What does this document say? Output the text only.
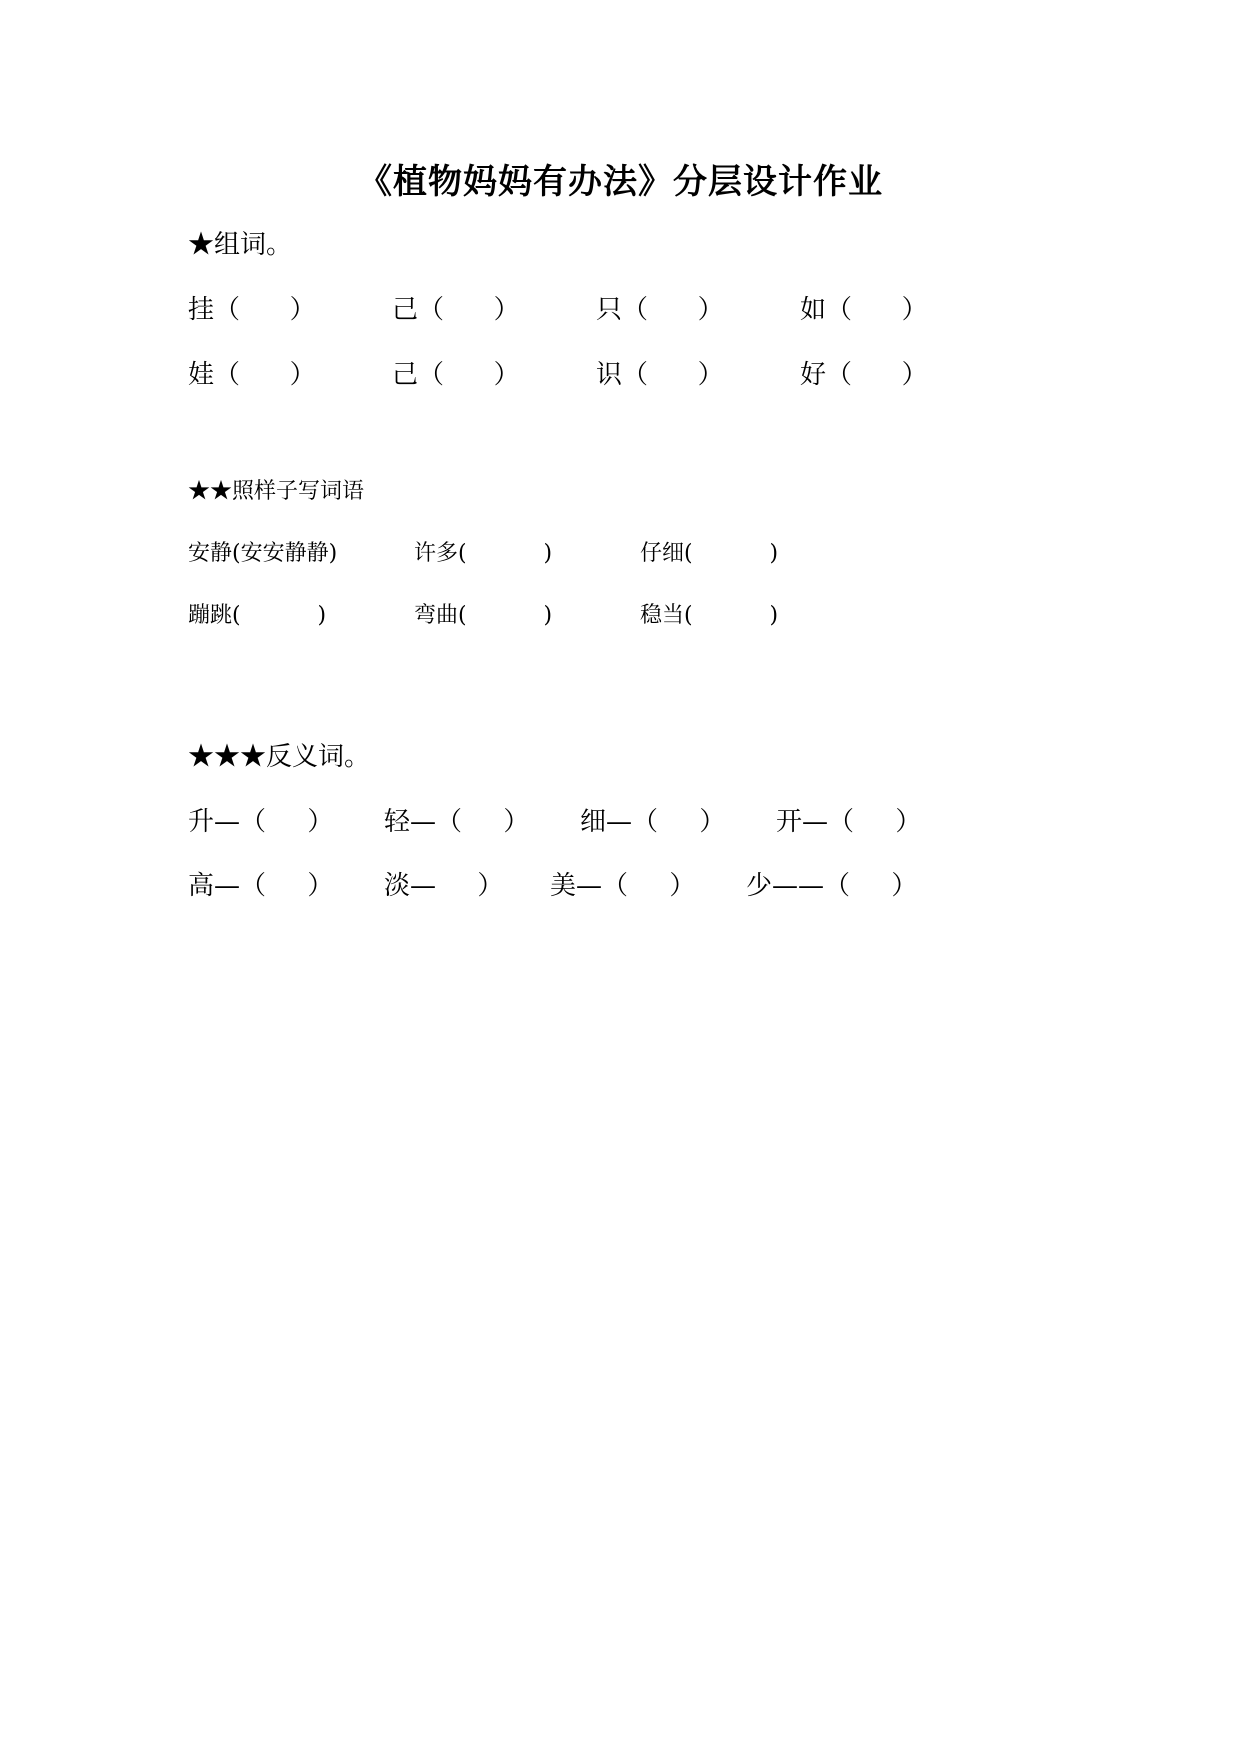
《植物妈妈有办法》分层设计作业
★组词。
挂（      ）	己（      ）	只（      ）	如（      ）
娃（      ）	己（      ）	识（      ）	好（      ）
★★照样子写词语
安静(安安静静)	许多(           )	仔细(           )
蹦跳(           )	弯曲(           )	稳当(           )
★★★反义词。
升—（     ） 轻—（     ） 细—（     ） 开—（     ）
高—（     ） 淡—     ） 美—（     ） 少——（     ）
